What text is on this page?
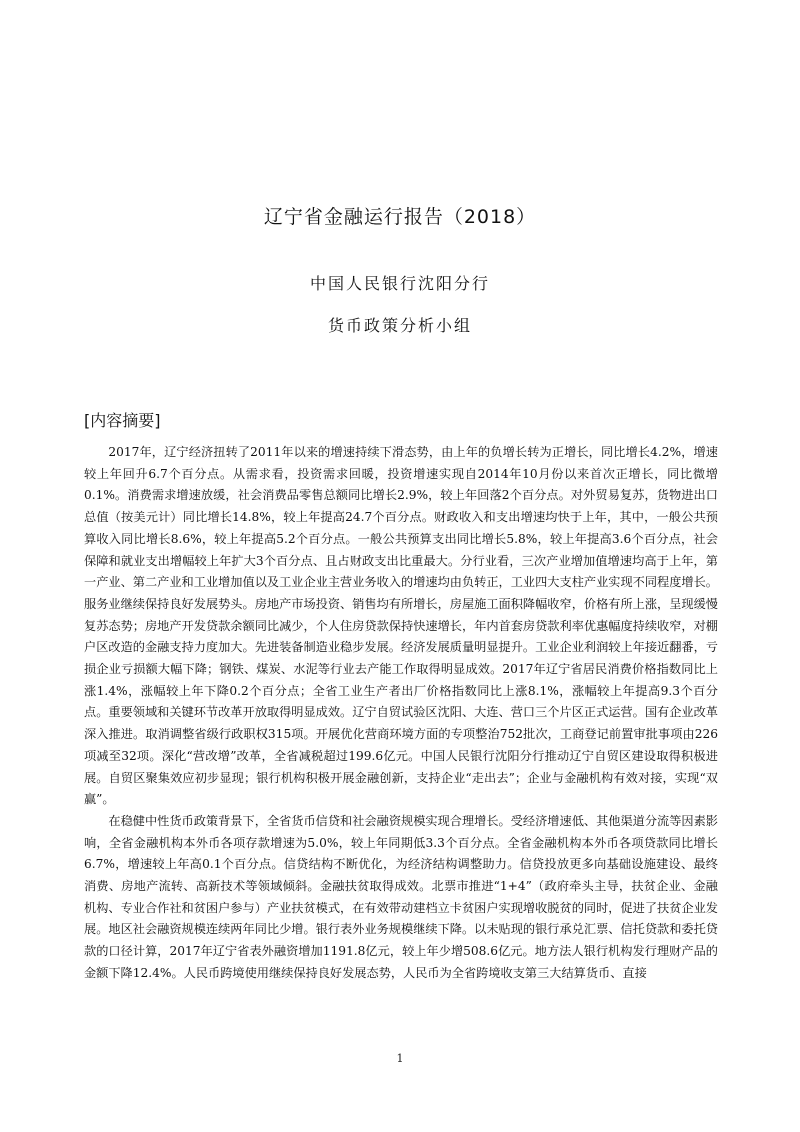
辽宁省金融运行报告（2018）
中国人民银行沈阳分行
货币政策分析小组
[内容摘要]

2017年，辽宁经济扭转了2011年以来的增速持续下滑态势，由上年的负增长转为正增长，同比增长4.2%，增速较上年回升6.7个百分点。从需求看，投资需求回暖，投资增速实现自2014年10月份以来首次正增长，同比微增0.1%。消费需求增速放缓，社会消费品零售总额同比增长2.9%，较上年回落2个百分点。对外贸易复苏，货物进出口总值（按美元计）同比增长14.8%，较上年提高24.7个百分点。财政收入和支出增速均快于上年，其中，一般公共预算收入同比增长8.6%，较上年提高5.2个百分点。一般公共预算支出同比增长5.8%，较上年提高3.6个百分点，社会保障和就业支出增幅较上年扩大3个百分点、且占财政支出比重最大。分行业看，三次产业增加值增速均高于上年，第一产业、第二产业和工业增加值以及工业企业主营业务收入的增速均由负转正，工业四大支柱产业实现不同程度增长。服务业继续保持良好发展势头。房地产市场投资、销售均有所增长，房屋施工面积降幅收窄，价格有所上涨，呈现缓慢复苏态势；房地产开发贷款余额同比减少，个人住房贷款保持快速增长，年内首套房贷款利率优惠幅度持续收窄，对棚户区改造的金融支持力度加大。先进装备制造业稳步发展。经济发展质量明显提升。工业企业利润较上年接近翻番，亏损企业亏损额大幅下降；钢铁、煤炭、水泥等行业去产能工作取得明显成效。2017年辽宁省居民消费价格指数同比上涨1.4%，涨幅较上年下降0.2个百分点；全省工业生产者出厂价格指数同比上涨8.1%，涨幅较上年提高9.3个百分点。重要领域和关键环节改革开放取得明显成效。辽宁自贸试验区沈阳、大连、营口三个片区正式运营。国有企业改革深入推进。取消调整省级行政职权315项。开展优化营商环境方面的专项整治752批次，工商登记前置审批事项由226项减至32项。深化“营改增”改革，全省减税超过199.6亿元。中国人民银行沈阳分行推动辽宁自贸区建设取得积极进展。自贸区聚集效应初步显现；银行机构积极开展金融创新，支持企业“走出去”；企业与金融机构有效对接，实现“双赢”。

在稳健中性货币政策背景下，全省货币信贷和社会融资规模实现合理增长。受经济增速低、其他渠道分流等因素影响，全省金融机构本外币各项存款增速为5.0%，较上年同期低3.3个百分点。全省金融机构本外币各项贷款同比增长6.7%，增速较上年高0.1个百分点。信贷结构不断优化，为经济结构调整助力。信贷投放更多向基础设施建设、最终消费、房地产流转、高新技术等领域倾斜。金融扶贫取得成效。北票市推进“1+4”（政府牵头主导，扶贫企业、金融机构、专业合作社和贫困户参与）产业扶贫模式，在有效带动建档立卡贫困户实现增收脱贫的同时，促进了扶贫企业发展。地区社会融资规模连续两年同比少增。银行表外业务规模继续下降。以未贴现的银行承兑汇票、信托贷款和委托贷款的口径计算，2017年辽宁省表外融资增加1191.8亿元，较上年少增508.6亿元。地方法人银行机构发行理财产品的金额下降12.4%。人民币跨境使用继续保持良好发展态势，人民币为全省跨境收支第三大结算货币、直接

1
